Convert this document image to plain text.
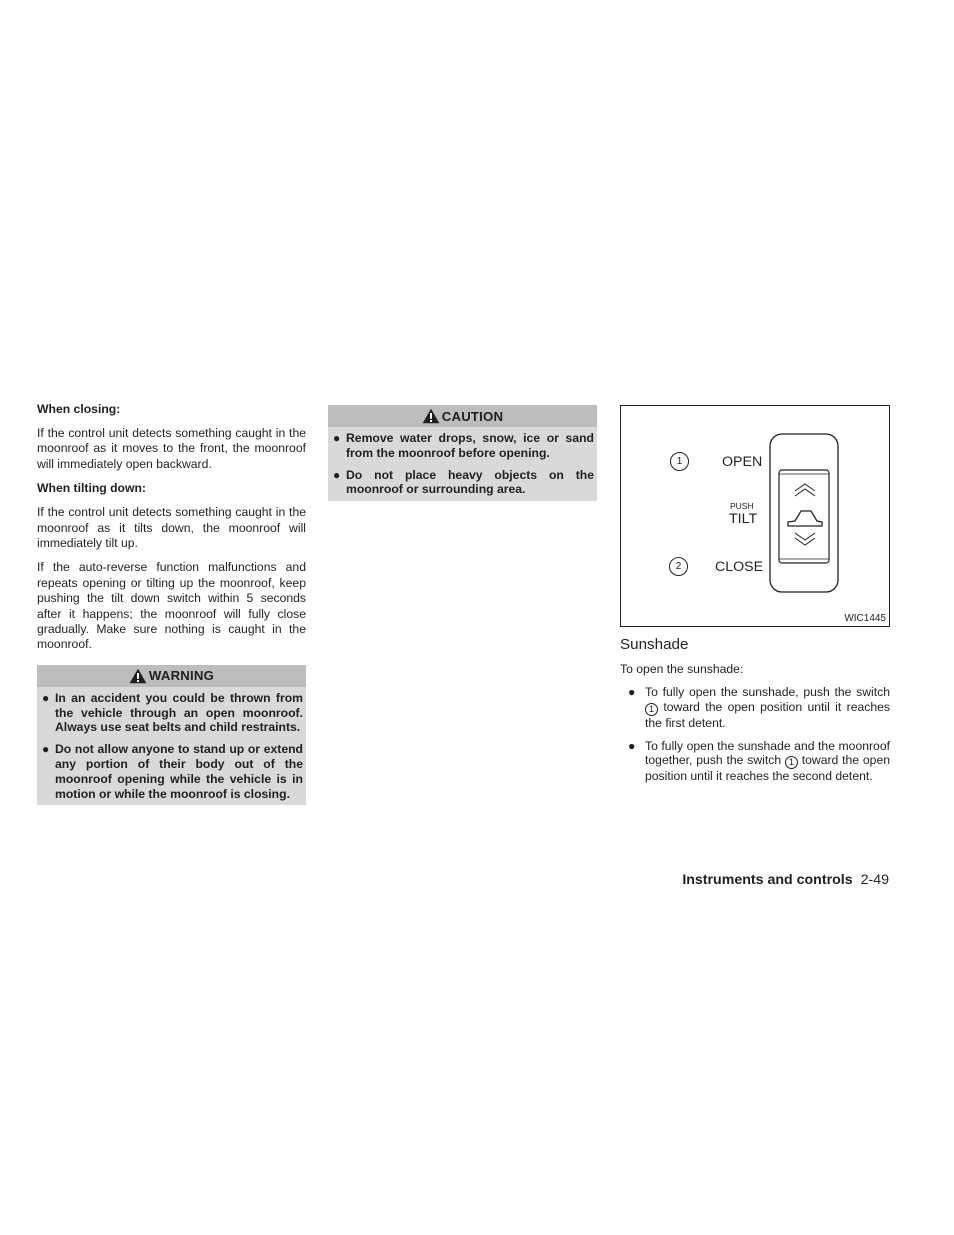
When closing:

If the control unit detects something caught in the moonroof as it moves to the front, the moonroof will immediately open backward.

When tilting down:

If the control unit detects something caught in the moonroof as it tilts down, the moonroof will immediately tilt up.

If the auto-reverse function malfunctions and repeats opening or tilting up the moonroof, keep pushing the tilt down switch within 5 seconds after it happens; the moonroof will fully close gradually. Make sure nothing is caught in the moonroof.

WARNING
● In an accident you could be thrown from the vehicle through an open moonroof. Always use seat belts and child restraints.
● Do not allow anyone to stand up or extend any portion of their body out of the moonroof opening while the vehicle is in motion or while the moonroof is closing.
CAUTION
● Remove water drops, snow, ice or sand from the moonroof before opening.
● Do not place heavy objects on the moonroof or surrounding area.
1	OPEN
PUSH
TILT
2	CLOSE
WIC1445
Sunshade

To open the sunshade:

● To fully open the sunshade, push the switch 1 toward the open position until it reaches the first detent.
● To fully open the sunshade and the moonroof together, push the switch 1 toward the open position until it reaches the second detent.
Instruments and controls 2-49
